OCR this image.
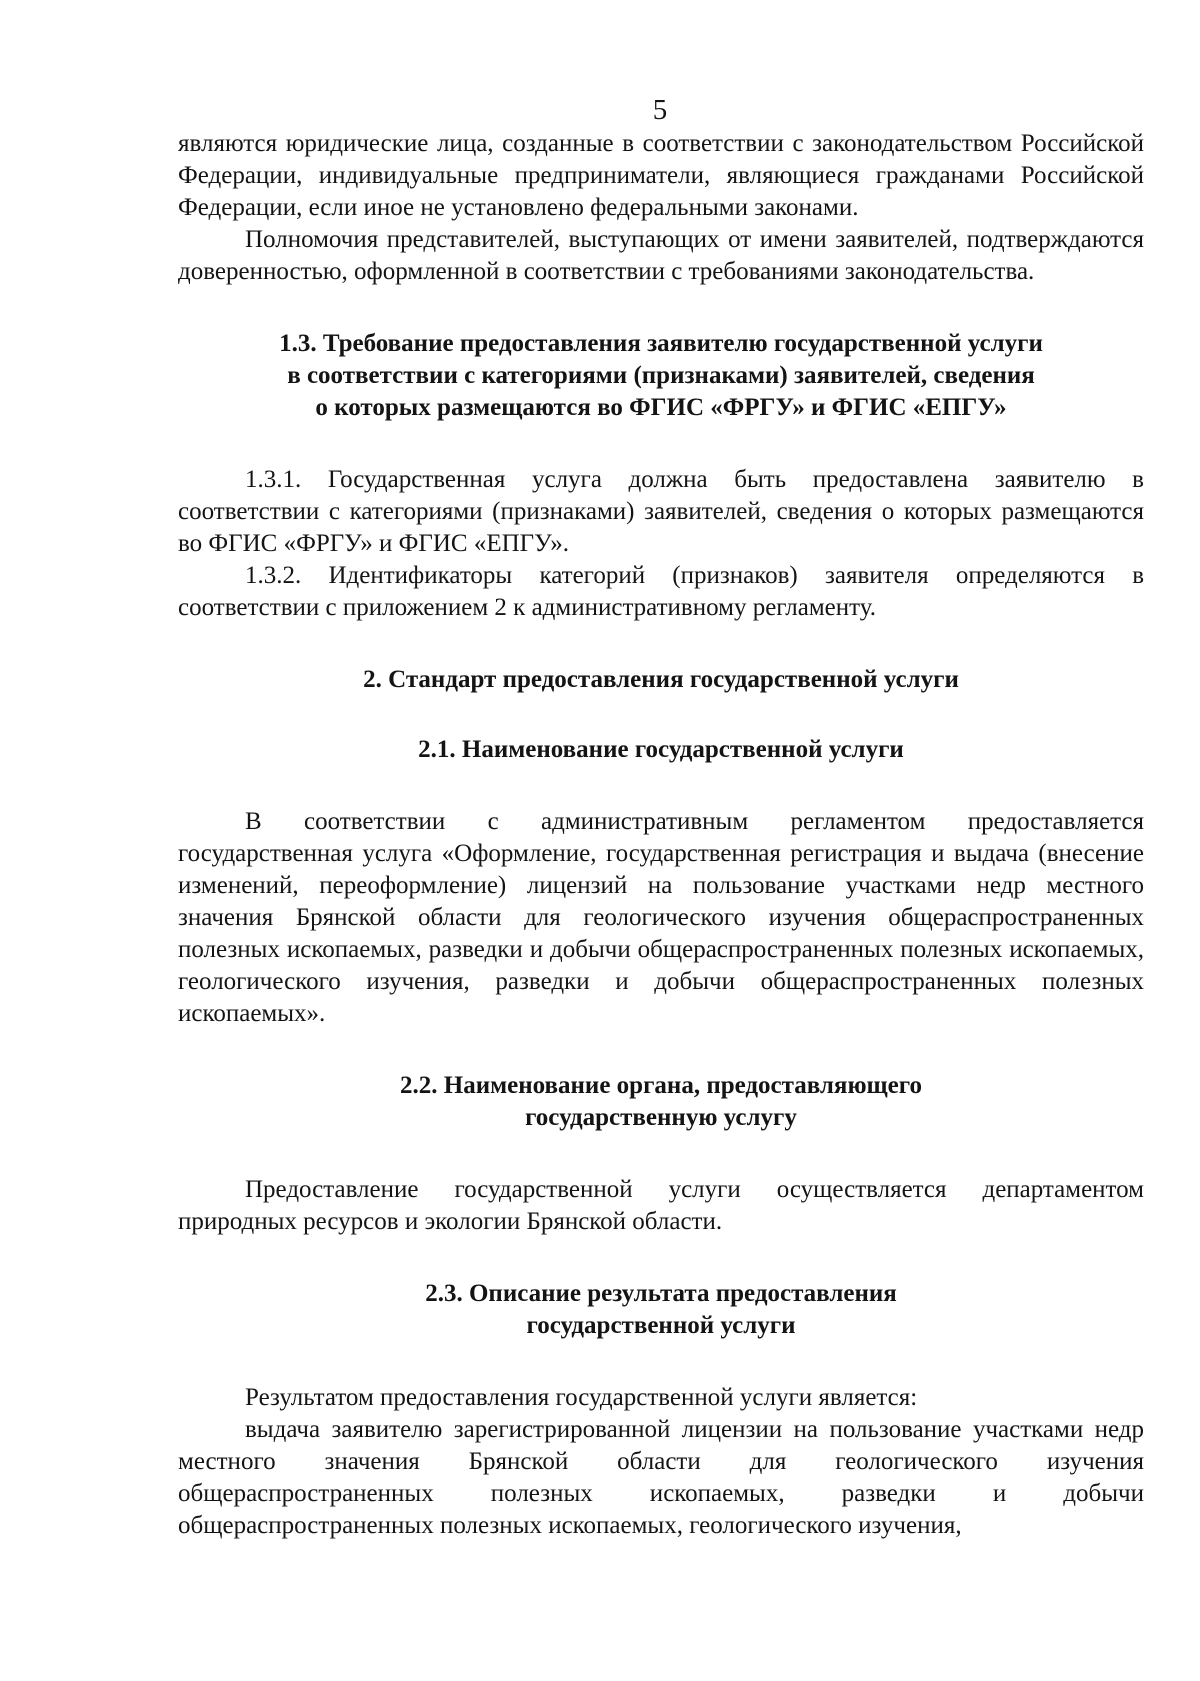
5

являются юридические лица, созданные в соответствии с законодательством Российской Федерации, индивидуальные предприниматели, являющиеся гражданами Российской Федерации, если иное не установлено федеральными законами.

Полномочия представителей, выступающих от имени заявителей, подтверждаются доверенностью, оформленной в соответствии с требованиями законодательства.

1.3. Требование предоставления заявителю государственной услуги
в соответствии с категориями (признаками) заявителей, сведения
о которых размещаются во ФГИС «ФРГУ» и ФГИС «ЕПГУ»

1.3.1. Государственная услуга должна быть предоставлена заявителю в соответствии с категориями (признаками) заявителей, сведения о которых размещаются во ФГИС «ФРГУ» и ФГИС «ЕПГУ».

1.3.2. Идентификаторы категорий (признаков) заявителя определяются в соответствии с приложением 2 к административному регламенту.

2. Стандарт предоставления государственной услуги
2.1. Наименование государственной услуги

В соответствии с административным регламентом предоставляется государственная услуга «Оформление, государственная регистрация и выдача (внесение изменений, переоформление) лицензий на пользование участками недр местного значения Брянской области для геологического изучения общераспространенных полезных ископаемых, разведки и добычи общераспространенных полезных ископаемых, геологического изучения, разведки и добычи общераспространенных полезных ископаемых».

2.2. Наименование органа, предоставляющего
государственную услугу

Предоставление государственной услуги осуществляется департаментом природных ресурсов и экологии Брянской области.

2.3. Описание результата предоставления
государственной услуги

Результатом предоставления государственной услуги является:

выдача заявителю зарегистрированной лицензии на пользование участками недр местного значения Брянской области для геологического изучения общераспространенных полезных ископаемых, разведки и добычи общераспространенных полезных ископаемых, геологического изучения,
